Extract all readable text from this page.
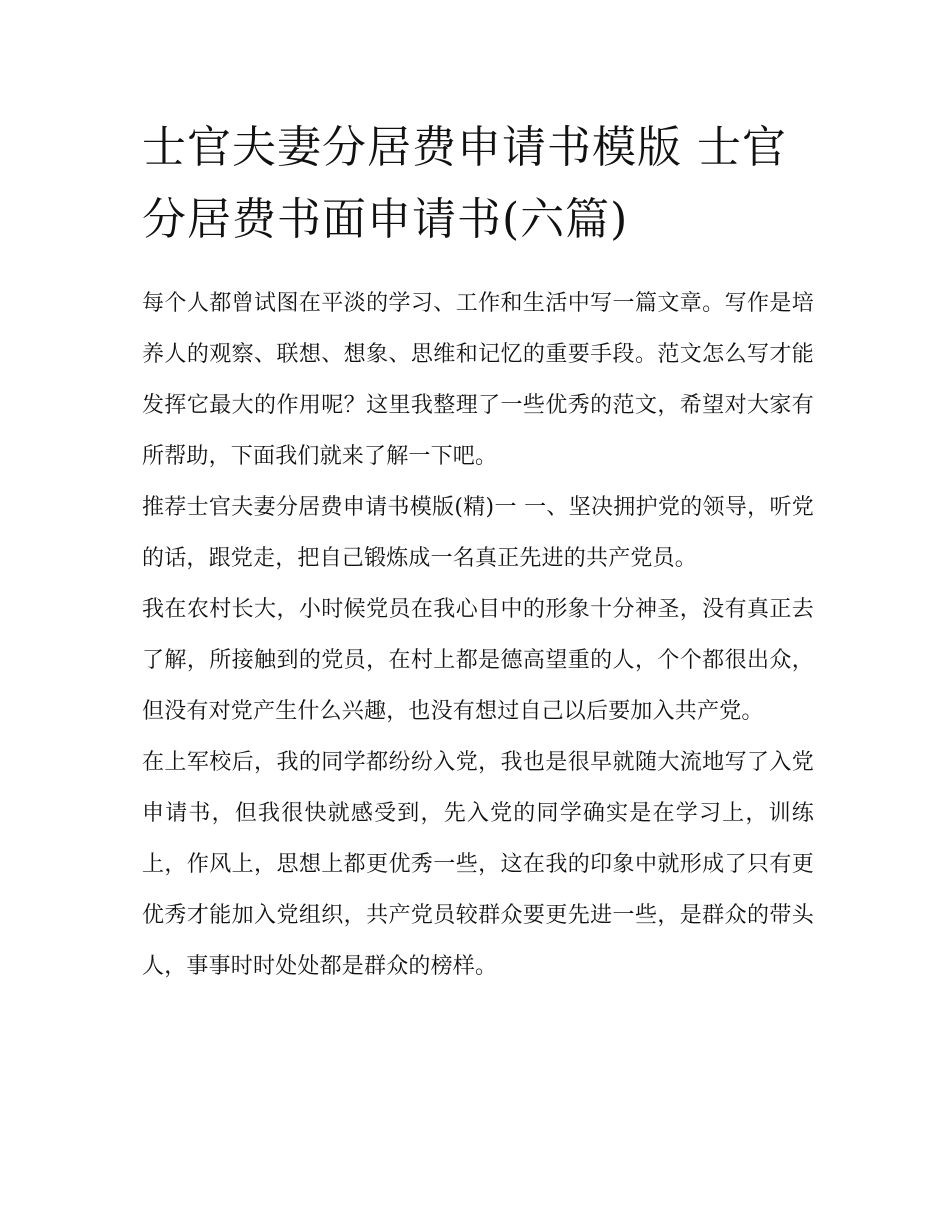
士官夫妻分居费申请书模版 士官分居费书面申请书(六篇)

每个人都曾试图在平淡的学习、工作和生活中写一篇文章。写作是培养人的观察、联想、想象、思维和记忆的重要手段。范文怎么写才能发挥它最大的作用呢？这里我整理了一些优秀的范文，希望对大家有所帮助，下面我们就来了解一下吧。

推荐士官夫妻分居费申请书模版(精)一 一、坚决拥护党的领导，听党的话，跟党走，把自己锻炼成一名真正先进的共产党员。

我在农村长大，小时候党员在我心目中的形象十分神圣，没有真正去了解，所接触到的党员，在村上都是德高望重的人，个个都很出众，但没有对党产生什么兴趣，也没有想过自己以后要加入共产党。

在上军校后，我的同学都纷纷入党，我也是很早就随大流地写了入党申请书，但我很快就感受到，先入党的同学确实是在学习上，训练上，作风上，思想上都更优秀一些，这在我的印象中就形成了只有更优秀才能加入党组织，共产党员较群众要更先进一些，是群众的带头人，事事时时处处都是群众的榜样。
